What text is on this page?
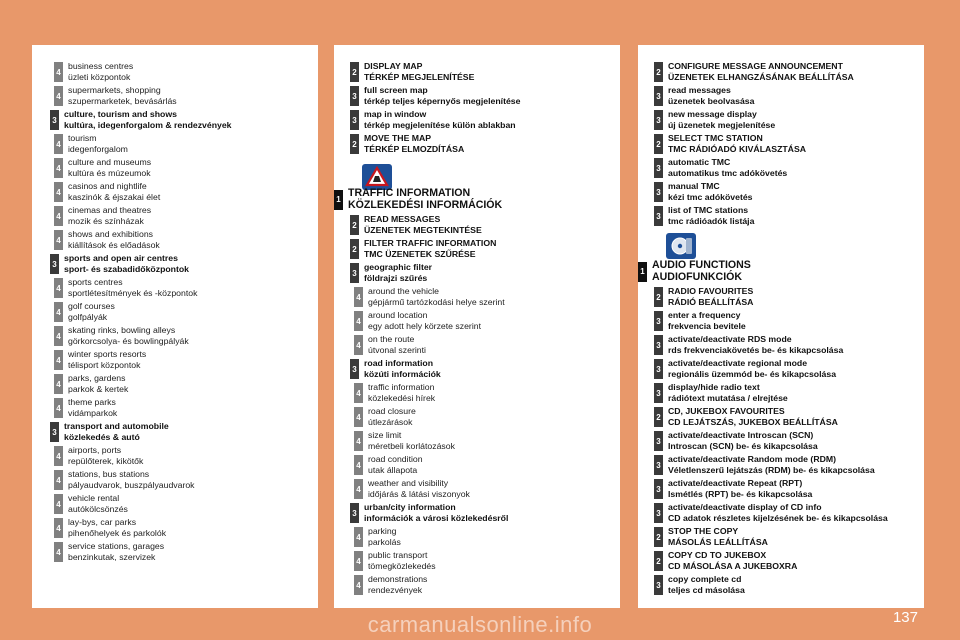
4
business centres
üzleti központok
4
supermarkets, shopping
szupermarketek, bevásárlás
3
culture, tourism and shows
kultúra, idegenforgalom & rendezvények
4
tourism
idegenforgalom
4
culture and museums
kultúra és múzeumok
4
casinos and nightlife
kaszinók & éjszakai élet
4
cinemas and theatres
mozik és színházak
4
shows and exhibitions
kiállítások és előadások
3
sports and open air centres
sport- és szabadidőközpontok
4
sports centres
sportlétesítmények és -központok
4
golf courses
golfpályák
4
skating rinks, bowling alleys
görkorcsolya- és bowlingpályák
4
winter sports resorts
télisport központok
4
parks, gardens
parkok & kertek
4
theme parks
vidámparkok
3
transport and automobile
közlekedés & autó
4
airports, ports
repülőterek, kikötők
4
stations, bus stations
pályaudvarok, buszpályaudvarok
4
vehicle rental
autókölcsönzés
4
lay-bys, car parks
pihenőhelyek és parkolók
4
service stations, garages
benzinkutak, szervizek
2
DISPLAY MAP
TÉRKÉP MEGJELENÍTÉSE
3
full screen map
térkép teljes képernyős megjelenítése
3
map in window
térkép megjelenítése külön ablakban
2
MOVE THE MAP
TÉRKÉP ELMOZDÍTÁSA
1
TRAFFIC INFORMATION
KÖZLEKEDÉSI INFORMÁCIÓK
2
READ MESSAGES
ÜZENETEK MEGTEKINTÉSE
2
FILTER TRAFFIC INFORMATION
TMC ÜZENETEK SZŰRÉSE
3
geographic filter
földrajzi szűrés
4
around the vehicle
gépjármű tartózkodási helye szerint
4
around location
egy adott hely körzete szerint
4
on the route
útvonal szerinti
3
road information
közúti információk
4
traffic information
közlekedési hírek
4
road closure
útlezárások
4
size limit
méretbeli korlátozások
4
road condition
utak állapota
4
weather and visibility
időjárás & látási viszonyok
3
urban/city information
információk a városi közlekedésről
4
parking
parkolás
4
public transport
tömegközlekedés
4
demonstrations
rendezvények
2
CONFIGURE MESSAGE ANNOUNCEMENT
ÜZENETEK ELHANGZÁSÁNAK BEÁLLÍTÁSA
3
read messages
üzenetek beolvasása
3
new message display
új üzenetek megjelenítése
2
SELECT TMC STATION
TMC RÁDIÓADÓ KIVÁLASZTÁSA
3
automatic TMC
automatikus tmc adókövetés
3
manual TMC
kézi tmc adókövetés
3
list of TMC stations
tmc rádióadók listája
1
AUDIO FUNCTIONS
AUDIOFUNKCIÓK
2
RADIO FAVOURITES
RÁDIÓ BEÁLLÍTÁSA
3
enter a frequency
frekvencia bevitele
3
activate/deactivate RDS mode
rds frekvenciakövetés be- és kikapcsolása
3
activate/deactivate regional mode
regionális üzemmód be- és kikapcsolása
3
display/hide radio text
rádiótext mutatása / elrejtése
2
CD, JUKEBOX FAVOURITES
CD LEJÁTSZÁS, JUKEBOX BEÁLLÍTÁSA
3
activate/deactivate Introscan (SCN)
Introscan (SCN) be- és kikapcsolása
3
activate/deactivate Random mode (RDM)
Véletlenszerű lejátszás (RDM) be- és kikapcsolása
3
activate/deactivate Repeat (RPT)
Ismétlés (RPT) be- és kikapcsolása
3
activate/deactivate display of CD info
CD adatok részletes kijelzésének be- és kikapcsolása
2
STOP THE COPY
MÁSOLÁS LEÁLLÍTÁSA
2
COPY CD TO JUKEBOX
CD MÁSOLÁSA A JUKEBOXRA
3
copy complete cd
teljes cd másolása
137
carmanualsonline.info
